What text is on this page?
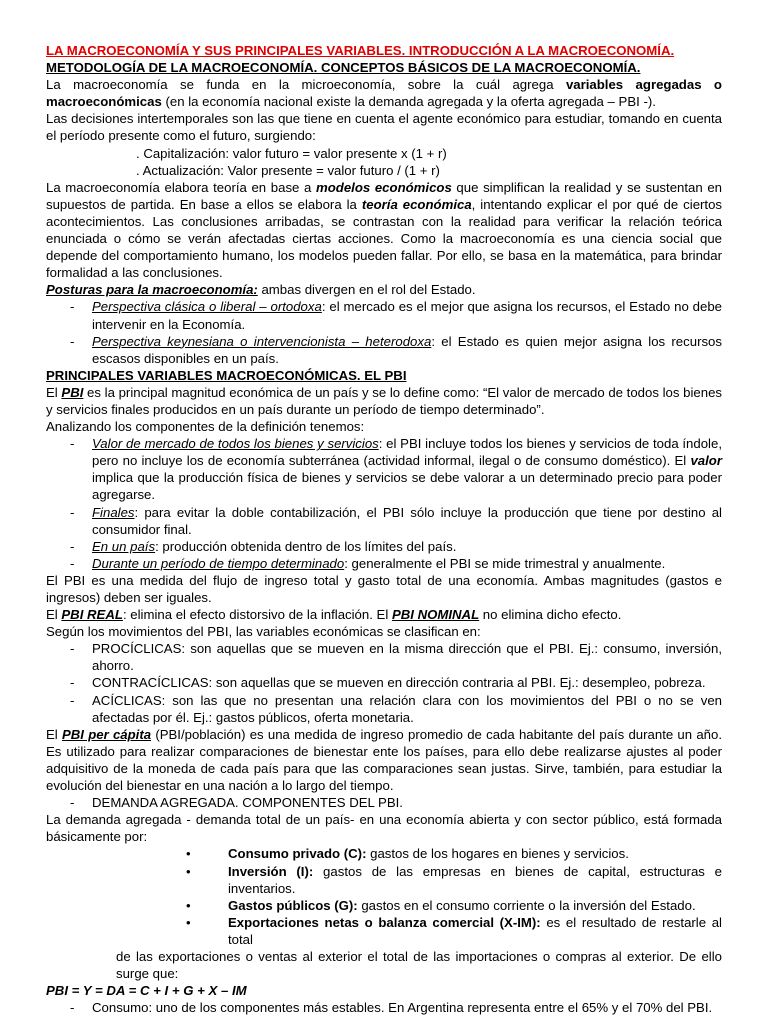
LA MACROECONOMÍA Y SUS PRINCIPALES VARIABLES. INTRODUCCIÓN A LA MACROECONOMÍA.

METODOLOGÍA DE LA MACROECONOMÍA. CONCEPTOS BÁSICOS DE LA MACROECONOMÍA.

La macroeconomía se funda en la microeconomía, sobre la cuál agrega variables agregadas o macroeconómicas (en la economía nacional existe la demanda agregada y la oferta agregada – PBI -).

Las decisiones intertemporales son las que tiene en cuenta el agente económico para estudiar, tomando en cuenta el período presente como el futuro, surgiendo:

. Capitalización: valor futuro = valor presente x (1 + r)

. Actualización: Valor presente = valor futuro / (1 + r)

La macroeconomía elabora teoría en base a modelos económicos que simplifican la realidad y se sustentan en supuestos de partida. En base a ellos se elabora la teoría económica, intentando explicar el por qué de ciertos acontecimientos. Las conclusiones arribadas, se contrastan con la realidad para verificar la relación teórica enunciada o cómo se verán afectadas ciertas acciones. Como la macroeconomía es una ciencia social que depende del comportamiento humano, los modelos pueden fallar. Por ello, se basa en la matemática, para brindar formalidad a las conclusiones.

Posturas para la macroeconomía: ambas divergen en el rol del Estado.

- Perspectiva clásica o liberal – ortodoxa: el mercado es el mejor que asigna los recursos, el Estado no debe intervenir en la Economía.
- Perspectiva keynesiana o intervencionista – heterodoxa: el Estado es quien mejor asigna los recursos escasos disponibles en un país.

PRINCIPALES VARIABLES MACROECONÓMICAS. EL PBI

El PBI es la principal magnitud económica de un país y se lo define como: “El valor de mercado de todos los bienes y servicios finales producidos en un país durante un período de tiempo determinado”.

Analizando los componentes de la definición tenemos:

- Valor de mercado de todos los bienes y servicios: el PBI incluye todos los bienes y servicios de toda índole, pero no incluye los de economía subterránea (actividad informal, ilegal o de consumo doméstico). El valor implica que la producción física de bienes y servicios se debe valorar a un determinado precio para poder agregarse.
- Finales: para evitar la doble contabilización, el PBI sólo incluye la producción que tiene por destino al consumidor final.
- En un país: producción obtenida dentro de los límites del país.
- Durante un período de tiempo determinado: generalmente el PBI se mide trimestral y anualmente.

El PBI es una medida del flujo de ingreso total y gasto total de una economía. Ambas magnitudes (gastos e ingresos) deben ser iguales.

El PBI REAL: elimina el efecto distorsivo de la inflación. El PBI NOMINAL no elimina dicho efecto.

Según los movimientos del PBI, las variables económicas se clasifican en:

- PROCÍCLICAS: son aquellas que se mueven en la misma dirección que el PBI. Ej.: consumo, inversión, ahorro.
- CONTRACÍCLICAS: son aquellas que se mueven en dirección contraria al PBI. Ej.: desempleo, pobreza.
- ACÍCLICAS: son las que no presentan una relación clara con los movimientos del PBI o no se ven afectadas por él. Ej.: gastos públicos, oferta monetaria.

El PBI per cápita (PBI/población) es una medida de ingreso promedio de cada habitante del país durante un año. Es utilizado para realizar comparaciones de bienestar ente los países, para ello debe realizarse ajustes al poder adquisitivo de la moneda de cada país para que las comparaciones sean justas. Sirve, también, para estudiar la evolución del bienestar en una nación a lo largo del tiempo.

- DEMANDA AGREGADA. COMPONENTES DEL PBI.

La demanda agregada - demanda total de un país- en una economía abierta y con sector público, está formada básicamente por:

•	Consumo privado (C): gastos de los hogares en bienes y servicios.
•	Inversión (I): gastos de las empresas en bienes de capital, estructuras e inventarios.
•	Gastos públicos (G): gastos en el consumo corriente o la inversión del Estado.
•	Exportaciones netas o balanza comercial (X-IM): es el resultado de restarle al total

de las exportaciones o ventas al exterior el total de las importaciones o compras al exterior. De ello surge que:

PBI = Y = DA = C + I + G + X – IM

- Consumo: uno de los componentes más estables. En Argentina representa entre el 65% y el 70% del PBI.
